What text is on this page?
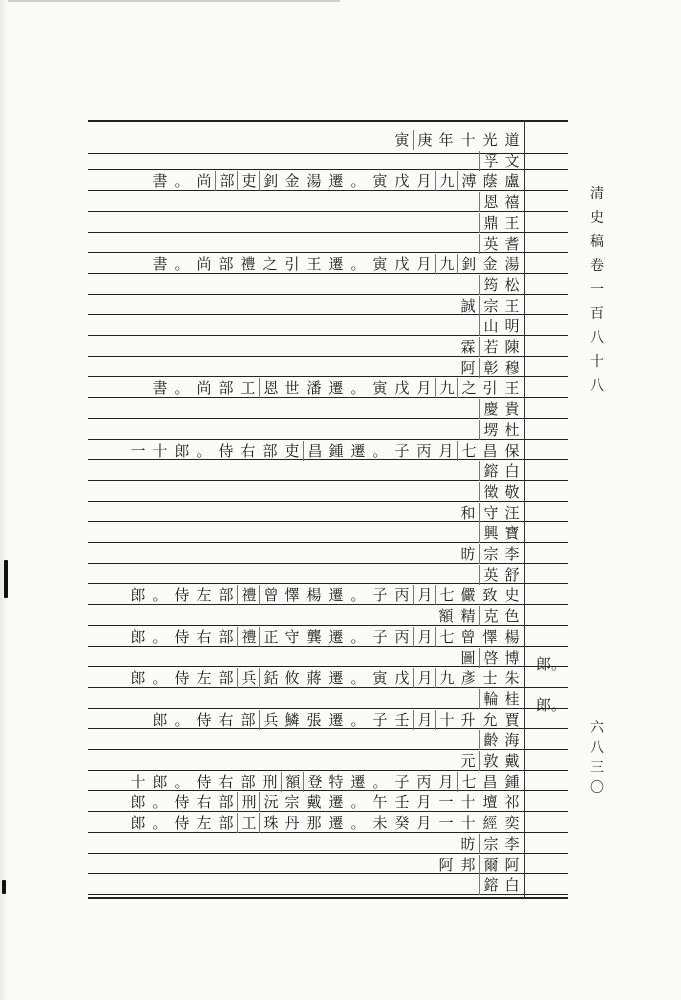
寅 庚 年 十 光 道
孚 文
書 。 尚 部 吏 釗 金 湯 遷 。 寅 戊 月 九 溥 蔭 盧
恩 禧
鼎 王
英 耆
書 。 尚 部 禮 之 引 王 遷 。 寅 戊 月 九 釗 金 湯
筠 松
誠 宗 王
山 明
霖 若 陳
阿 彰 穆
書 。 尚 部 工 恩 世 潘 遷 。 寅 戊 月 九 之 引 王
慶 貴
塄 杜
一 十 郎 。 侍 右 部 吏 昌 鍾 遷 。 子 丙 月 七 昌 保
鎔 白
徵 敬
和 守 汪
興 寶
昉 宗 李
英 舒
郎 。 侍 左 部 禮 曾 懌 楊 遷 。 子 丙 月 七 儼 致 史
額 精 克 色
郎 。 侍 右 部 禮 正 守 龔 遷 。 子 丙 月 七 曾 懌 楊
圖 啓 博
郎 。 侍 左 部 兵 銛 攸 蔣 遷 。 寅 戊 月 九 彥 士 朱
輪 桂
郎 。 侍 右 部 兵 鱗 張 遷 。 子 壬 月 十 升 允 賈
齡 海
元 敦 戴
十 郎 。 侍 右 部 刑 額 登 特 遷 。 子 丙 月 七 昌 鍾
郎 。 侍 右 部 刑 沅 宗 戴 遷 。 午 壬 月 一 十 壇 祁
郎 。 侍 左 部 工 珠 丹 那 遷 。 未 癸 月 一 十 經 奕
昉 宗 李
阿 邦 爾 阿
鎔 白
清
史
稿
卷
一
百
八
十
八
六
八
三
〇
郎。
郎。
